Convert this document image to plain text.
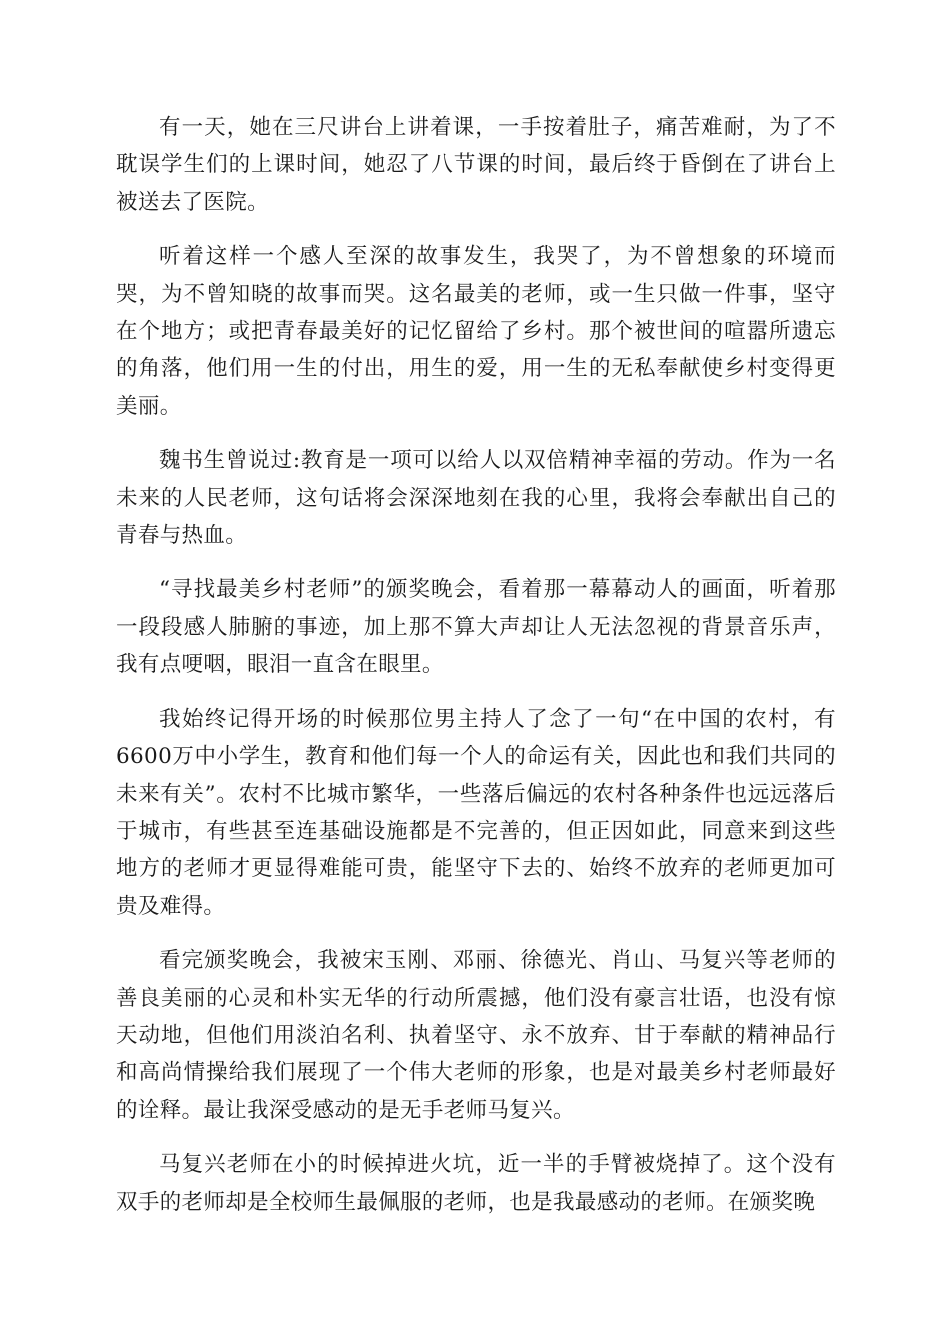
有一天，她在三尺讲台上讲着课，一手按着肚子，痛苦难耐，为了不耽误学生们的上课时间，她忍了八节课的时间，最后终于昏倒在了讲台上被送去了医院。

听着这样一个感人至深的故事发生，我哭了，为不曾想象的环境而哭，为不曾知晓的故事而哭。这名最美的老师，或一生只做一件事，坚守在个地方；或把青春最美好的记忆留给了乡村。那个被世间的喧嚣所遗忘的角落，他们用一生的付出，用生的爱，用一生的无私奉献使乡村变得更美丽。

魏书生曾说过:教育是一项可以给人以双倍精神幸福的劳动。作为一名未来的人民老师，这句话将会深深地刻在我的心里，我将会奉献出自己的青春与热血。

“寻找最美乡村老师”的颁奖晚会，看着那一幕幕动人的画面，听着那一段段感人肺腑的事迹，加上那不算大声却让人无法忽视的背景音乐声，我有点哽咽，眼泪一直含在眼里。

我始终记得开场的时候那位男主持人了念了一句“在中国的农村，有6600万中小学生，教育和他们每一个人的命运有关，因此也和我们共同的未来有关”。农村不比城市繁华，一些落后偏远的农村各种条件也远远落后于城市，有些甚至连基础设施都是不完善的，但正因如此，同意来到这些地方的老师才更显得难能可贵，能坚守下去的、始终不放弃的老师更加可贵及难得。

看完颁奖晚会，我被宋玉刚、邓丽、徐德光、肖山、马复兴等老师的善良美丽的心灵和朴实无华的行动所震撼，他们没有豪言壮语，也没有惊天动地，但他们用淡泊名利、执着坚守、永不放弃、甘于奉献的精神品行和高尚情操给我们展现了一个伟大老师的形象，也是对最美乡村老师最好的诠释。最让我深受感动的是无手老师马复兴。

马复兴老师在小的时候掉进火坑，近一半的手臂被烧掉了。这个没有双手的老师却是全校师生最佩服的老师，也是我最感动的老师。在颁奖晚
